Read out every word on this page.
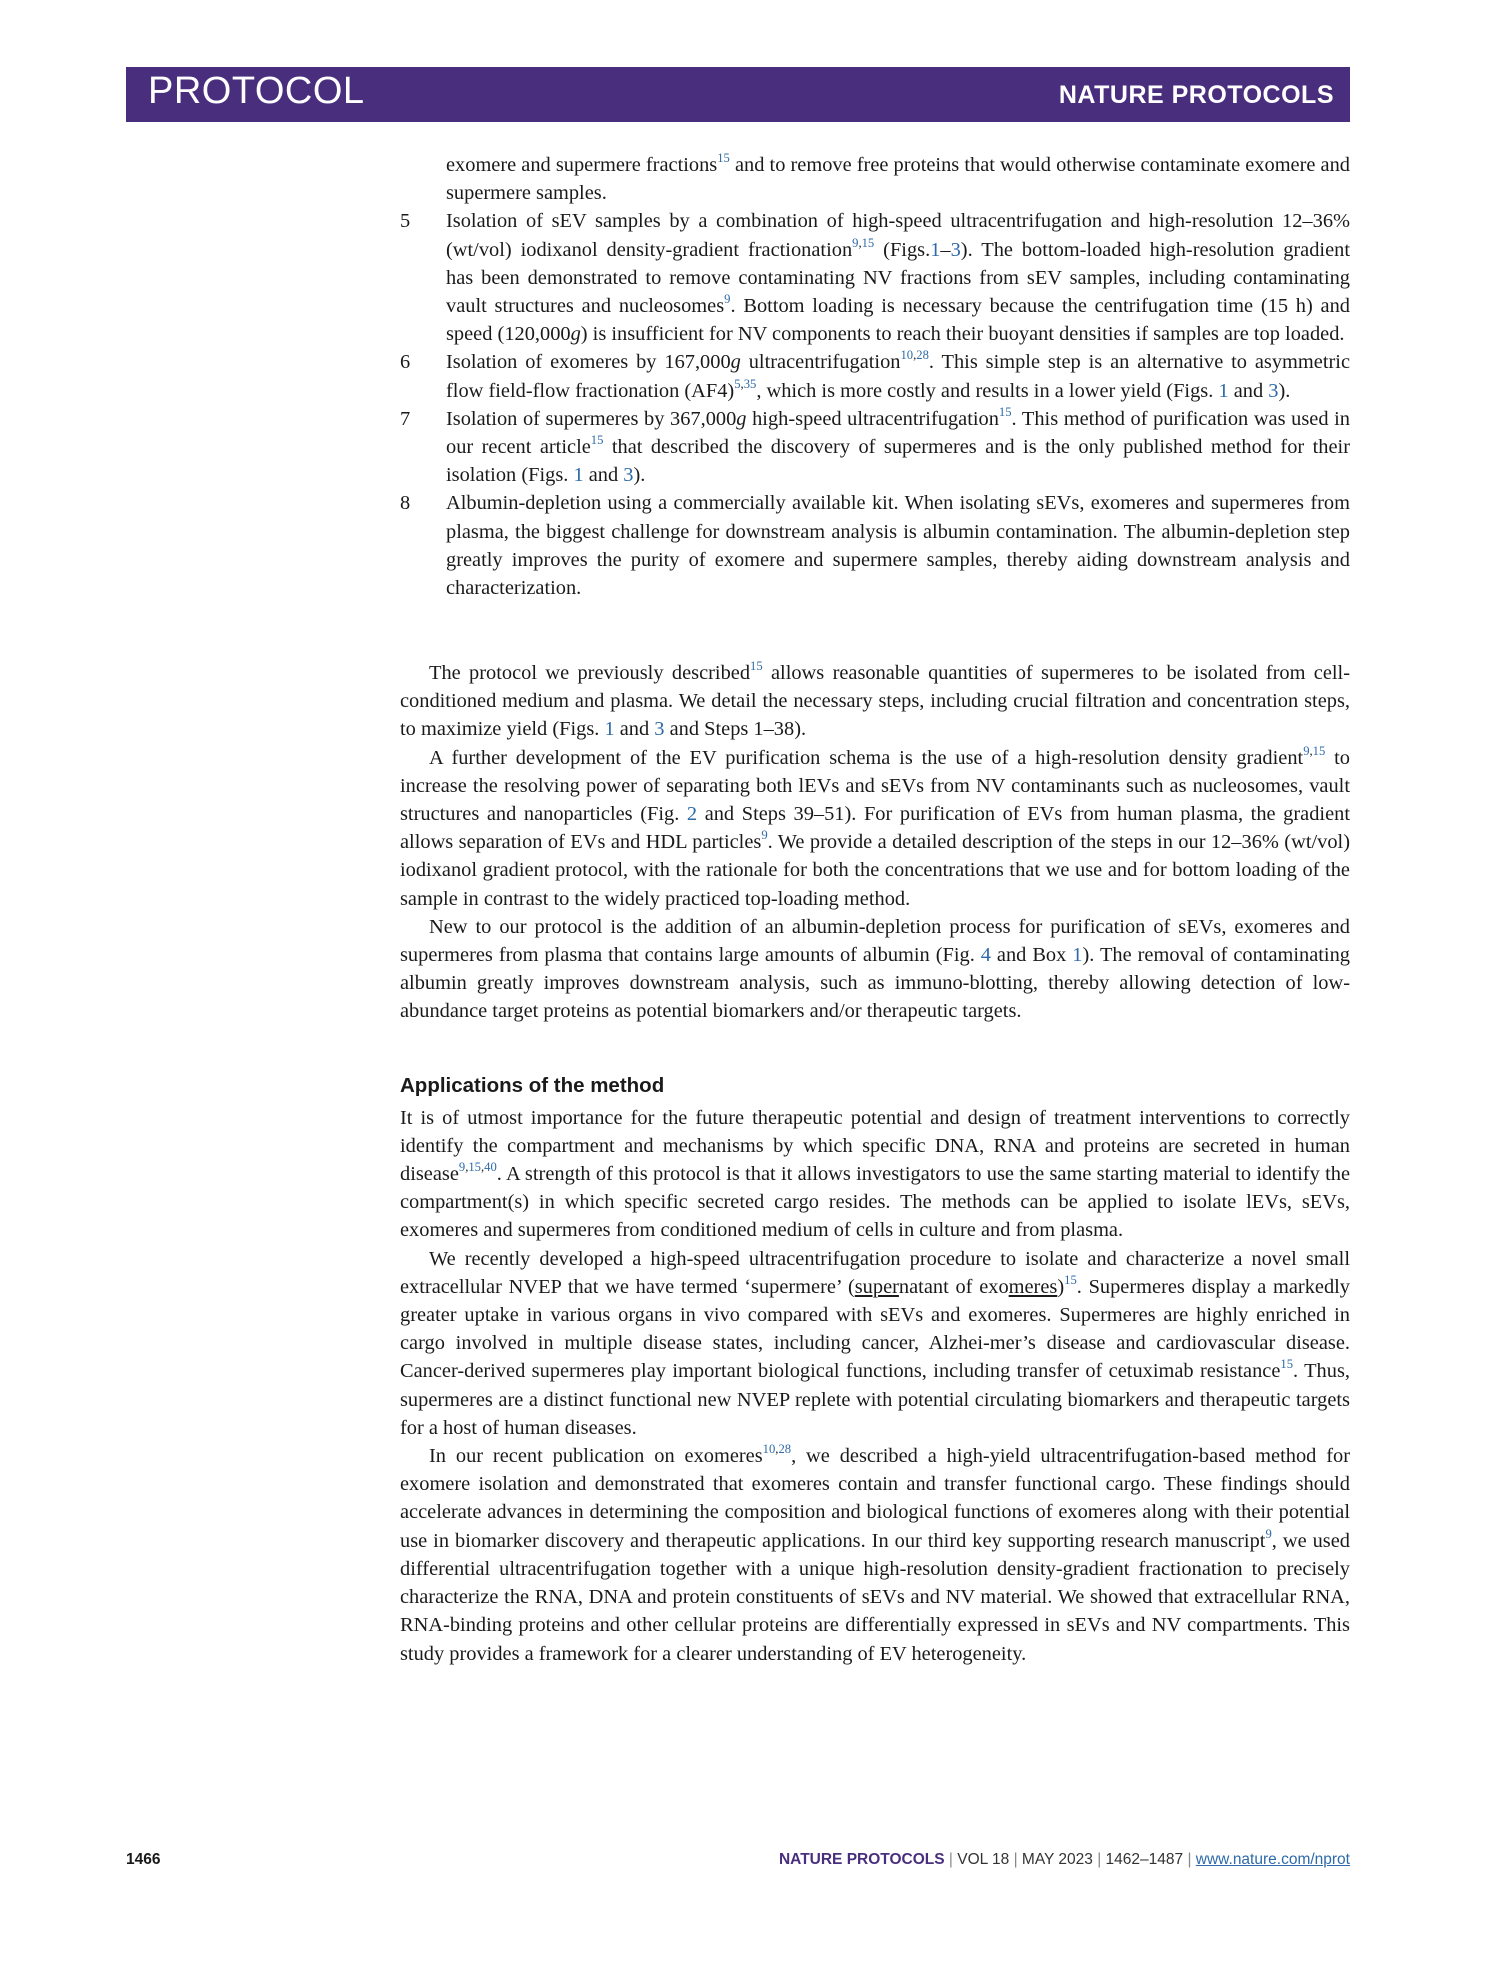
PROTOCOL	NATURE PROTOCOLS
exomere and supermere fractions$^{15}$ and to remove free proteins that would otherwise contaminate exomere and supermere samples.
5 Isolation of sEV samples by a combination of high-speed ultracentrifugation and high-resolution 12–36% (wt/vol) iodixanol density-gradient fractionation$^{9,15}$ (Figs.1–3). The bottom-loaded high-resolution gradient has been demonstrated to remove contaminating NV fractions from sEV samples, including contaminating vault structures and nucleosomes$^9$. Bottom loading is necessary because the centrifugation time (15 h) and speed (120,000g) is insufficient for NV components to reach their buoyant densities if samples are top loaded.
6 Isolation of exomeres by 167,000g ultracentrifugation$^{10,28}$. This simple step is an alternative to asymmetric flow field-flow fractionation (AF4)$^{5,35}$, which is more costly and results in a lower yield (Figs. 1 and 3).
7 Isolation of supermeres by 367,000g high-speed ultracentrifugation$^{15}$. This method of purification was used in our recent article$^{15}$ that described the discovery of supermeres and is the only published method for their isolation (Figs. 1 and 3).
8 Albumin-depletion using a commercially available kit. When isolating sEVs, exomeres and supermeres from plasma, the biggest challenge for downstream analysis is albumin contamination. The albumin-depletion step greatly improves the purity of exomere and supermere samples, thereby aiding downstream analysis and characterization.

The protocol we previously described$^{15}$ allows reasonable quantities of supermeres to be isolated from cell-conditioned medium and plasma. We detail the necessary steps, including crucial filtration and concentration steps, to maximize yield (Figs. 1 and 3 and Steps 1–38).

A further development of the EV purification schema is the use of a high-resolution density gradient$^{9,15}$ to increase the resolving power of separating both lEVs and sEVs from NV contaminants such as nucleosomes, vault structures and nanoparticles (Fig. 2 and Steps 39–51). For purification of EVs from human plasma, the gradient allows separation of EVs and HDL particles$^9$. We provide a detailed description of the steps in our 12–36% (wt/vol) iodixanol gradient protocol, with the rationale for both the concentrations that we use and for bottom loading of the sample in contrast to the widely practiced top-loading method.

New to our protocol is the addition of an albumin-depletion process for purification of sEVs, exomeres and supermeres from plasma that contains large amounts of albumin (Fig. 4 and Box 1). The removal of contaminating albumin greatly improves downstream analysis, such as immuno-blotting, thereby allowing detection of low-abundance target proteins as potential biomarkers and/or therapeutic targets.

Applications of the method

It is of utmost importance for the future therapeutic potential and design of treatment interventions to correctly identify the compartment and mechanisms by which specific DNA, RNA and proteins are secreted in human disease$^{9,15,40}$. A strength of this protocol is that it allows investigators to use the same starting material to identify the compartment(s) in which specific secreted cargo resides. The methods can be applied to isolate lEVs, sEVs, exomeres and supermeres from conditioned medium of cells in culture and from plasma.

We recently developed a high-speed ultracentrifugation procedure to isolate and characterize a novel small extracellular NVEP that we have termed ‘supermere’ (supernatant of exomeres)$^{15}$. Supermeres display a markedly greater uptake in various organs in vivo compared with sEVs and exomeres. Supermeres are highly enriched in cargo involved in multiple disease states, including cancer, Alzhei-mer’s disease and cardiovascular disease. Cancer-derived supermeres play important biological functions, including transfer of cetuximab resistance$^{15}$. Thus, supermeres are a distinct functional new NVEP replete with potential circulating biomarkers and therapeutic targets for a host of human diseases.

In our recent publication on exomeres$^{10,28}$, we described a high-yield ultracentrifugation-based method for exomere isolation and demonstrated that exomeres contain and transfer functional cargo. These findings should accelerate advances in determining the composition and biological functions of exomeres along with their potential use in biomarker discovery and therapeutic applications. In our third key supporting research manuscript$^9$, we used differential ultracentrifugation together with a unique high-resolution density-gradient fractionation to precisely characterize the RNA, DNA and protein constituents of sEVs and NV material. We showed that extracellular RNA, RNA-binding proteins and other cellular proteins are differentially expressed in sEVs and NV compartments. This study provides a framework for a clearer understanding of EV heterogeneity.

1466	NATURE PROTOCOLS | VOL 18 | MAY 2023 | 1462–1487 | www.nature.com/nprot
